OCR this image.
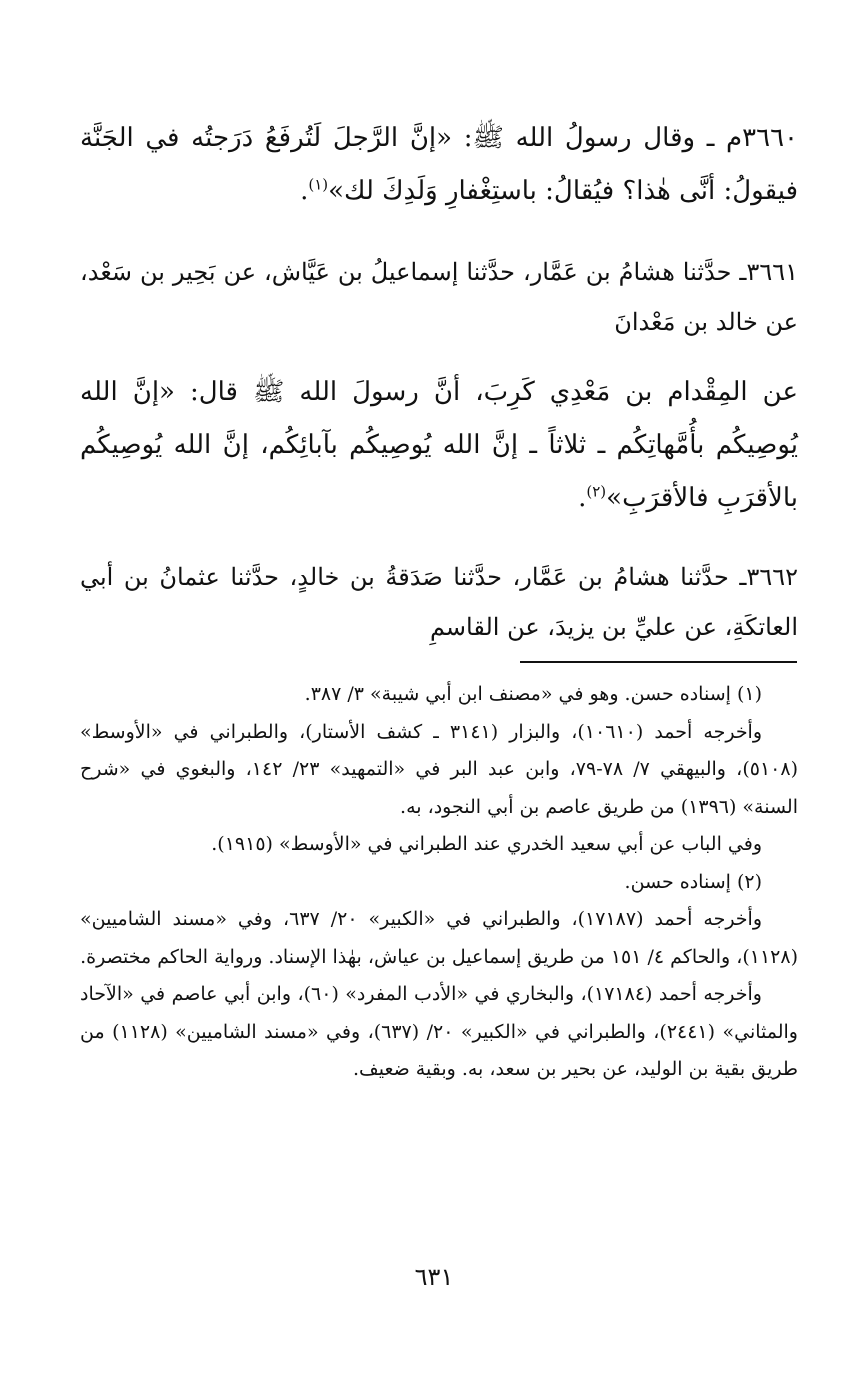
٣٦٦٠م ـ وقال رسولُ الله ﷺ: «إنَّ الرَّجلَ لَتُرفَعُ دَرَجتُه في الجَنَّة فيقولُ: أنَّى هٰذا؟ فيُقالُ: باستِغْفارِ وَلَدِكَ لك»$^{(١)}$.

٣٦٦١ـ حدَّثنا هشامُ بن عَمَّار، حدَّثنا إسماعيلُ بن عَيَّاش، عن بَحِير بن سَعْد، عن خالد بن مَعْدانَ

عن المِقْدام بن مَعْدِي كَرِبَ، أنَّ رسولَ الله ﷺ قال: «إنَّ الله يُوصِيكُم بأُمَّهاتِكُم ـ ثلاثاً ـ إنَّ الله يُوصِيكُم بآبائِكُم، إنَّ الله يُوصِيكُم بالأقرَبِ فالأقرَبِ»$^{(٢)}$.

٣٦٦٢ـ حدَّثنا هشامُ بن عَمَّار، حدَّثنا صَدَقةُ بن خالدٍ، حدَّثنا عثمانُ بن أبي العاتكَةِ، عن عليِّ بن يزيدَ، عن القاسمِ

(١) إسناده حسن. وهو في «مصنف ابن أبي شيبة» ٣/ ٣٨٧.

وأخرجه أحمد (١٠٦١٠)، والبزار (٣١٤١ ـ كشف الأستار)، والطبراني في «الأوسط» (٥١٠٨)، والبيهقي ٧/ ٧٨-٧٩، وابن عبد البر في «التمهيد» ٢٣/ ١٤٢، والبغوي في «شرح السنة» (١٣٩٦) من طريق عاصم بن أبي النجود، به.

وفي الباب عن أبي سعيد الخدري عند الطبراني في «الأوسط» (١٩١٥).

(٢) إسناده حسن.

وأخرجه أحمد (١٧١٨٧)، والطبراني في «الكبير» ٢٠/ ٦٣٧، وفي «مسند الشاميين» (١١٢٨)، والحاكم ٤/ ١٥١ من طريق إسماعيل بن عياش، بهٰذا الإسناد. ورواية الحاكم مختصرة.

وأخرجه أحمد (١٧١٨٤)، والبخاري في «الأدب المفرد» (٦٠)، وابن أبي عاصم في «الآحاد والمثاني» (٢٤٤١)، والطبراني في «الكبير» ٢٠/ (٦٣٧)، وفي «مسند الشاميين» (١١٢٨) من طريق بقية بن الوليد، عن بحير بن سعد، به. وبقية ضعيف.

٦٣١
